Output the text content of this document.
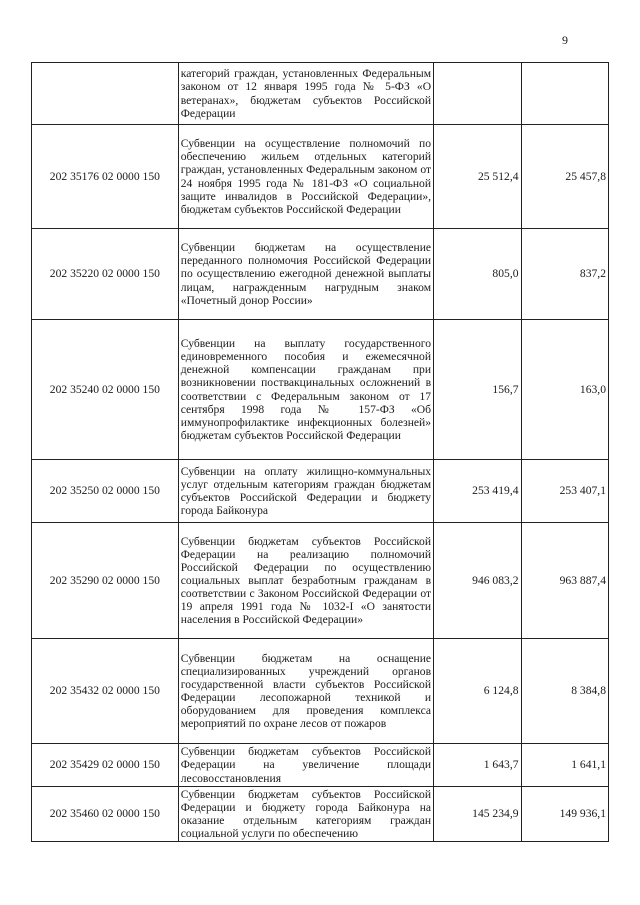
9
	категорий граждан, установленных Федеральным законом от 12 января 1995 года № 5-ФЗ «О ветеранах», бюджетам субъектов Российской Федерации		
202 35176 02 0000 150	Субвенции на осуществление полномочий по обеспечению жильем отдельных категорий граждан, установленных Федеральным законом от 24 ноября 1995 года № 181-ФЗ «О социальной защите инвалидов в Российской Федерации», бюджетам субъектов Российской Федерации	25 512,4	25 457,8
202 35220 02 0000 150	Субвенции бюджетам на осуществление переданного полномочия Российской Федерации по осуществлению ежегодной денежной выплаты лицам, награжденным нагрудным знаком «Почетный донор России»	805,0	837,2
202 35240 02 0000 150	Субвенции на выплату государственного единовременного пособия и ежемесячной денежной компенсации гражданам при возникновении поствакцинальных осложнений в соответствии с Федеральным законом от 17 сентября 1998 года № 157-ФЗ «Об иммунопрофилактике инфекционных болезней» бюджетам субъектов Российской Федерации	156,7	163,0
202 35250 02 0000 150	Субвенции на оплату жилищно-коммунальных услуг отдельным категориям граждан бюджетам субъектов Российской Федерации и бюджету города Байконура	253 419,4	253 407,1
202 35290 02 0000 150	Субвенции бюджетам субъектов Российской Федерации на реализацию полномочий Российской Федерации по осуществлению социальных выплат безработным гражданам в соответствии с Законом Российской Федерации от 19 апреля 1991 года № 1032-I «О занятости населения в Российской Федерации»	946 083,2	963 887,4
202 35432 02 0000 150	Субвенции бюджетам на оснащение специализированных учреждений органов государственной власти субъектов Российской Федерации лесопожарной техникой и оборудованием для проведения комплекса мероприятий по охране лесов от пожаров	6 124,8	8 384,8
202 35429 02 0000 150	Субвенции бюджетам субъектов Российской Федерации на увеличение площади лесовосстановления	1 643,7	1 641,1
202 35460 02 0000 150	Субвенции бюджетам субъектов Российской Федерации и бюджету города Байконура на оказание отдельным категориям граждан социальной услуги по обеспечению	145 234,9	149 936,1
